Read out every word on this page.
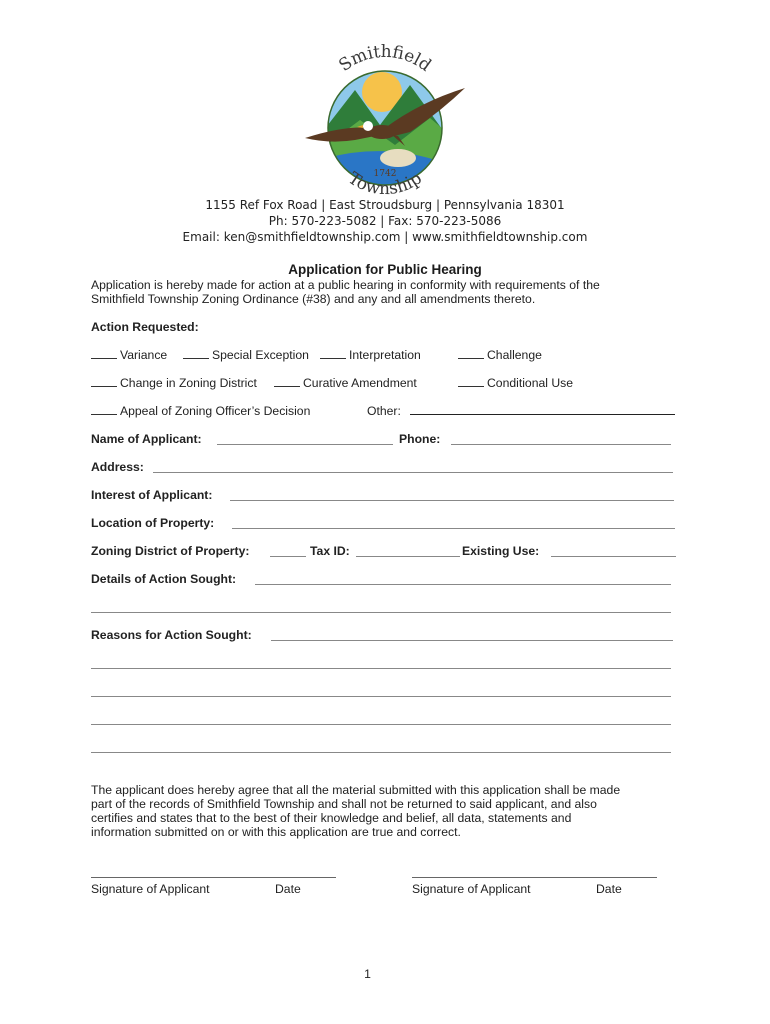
Smithfield
Township
1742
1155 Ref Fox Road | East Stroudsburg | Pennsylvania 18301
Ph: 570-223-5082 | Fax: 570-223-5086
Email: ken@smithfieldtownship.com | www.smithfieldtownship.com
Application for Public Hearing
Application is hereby made for action at a public hearing in conformity with requirements of the
Smithfield Township Zoning Ordinance (#38) and any and all amendments thereto.
Action Requested:
Variance	Special Exception	Interpretation	Challenge
Change in Zoning District	Curative Amendment	Conditional Use
Appeal of Zoning Officer’s Decision	Other:
Name of Applicant:	Phone:
Address:
Interest of Applicant:
Location of Property:
Zoning District of Property:	Tax ID:	Existing Use:
Details of Action Sought:
Reasons for Action Sought:
The applicant does hereby agree that all the material submitted with this application shall be made
part of the records of Smithfield Township and shall not be returned to said applicant, and also
certifies and states that to the best of their knowledge and belief, all data, statements and
information submitted on or with this application are true and correct.
Signature of Applicant	Date	Signature of Applicant	Date
1
